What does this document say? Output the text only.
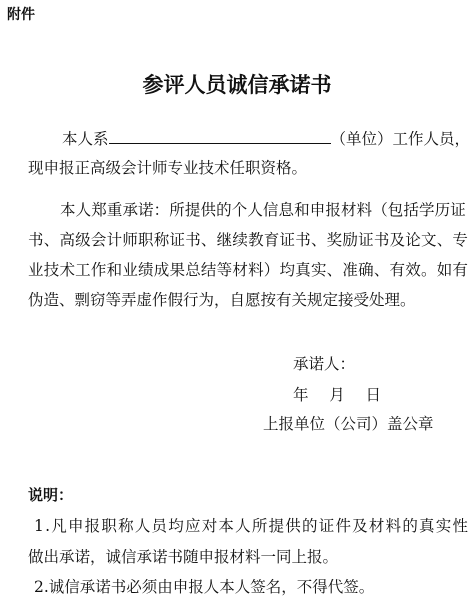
附件
参评人员诚信承诺书
本人系	（单位）工作人员，
现申报正高级会计师专业技术任职资格。
本 人 郑 重 承 诺 ： 所 提 供 的 个 人 信 息 和 申 报 材 料 （ 包 括 学 历 证
书 、 高 级 会 计 师 职 称 证 书 、 继 续 教 育 证 书 、 奖 励 证 书 及 论 文 、 专
业 技 术 工 作 和 业 绩 成 果 总 结 等 材 料 ） 均 真 实 、 准 确 、 有 效 。 如 有
伪造、剽窃等弄虚作假行为，自愿按有关规定接受处理。
承诺人：
年
　 月
　 日
上报单位（公司）盖公章
说明：
1 . 凡 申 报 职 称 人 员 均 应 对 本 人 所 提 供 的 证 件 及 材 料 的 真 实 性
做出承诺，诚信承诺书随申报材料一同上报。
2.诚信承诺书必须由申报人本人签名，不得代签。
